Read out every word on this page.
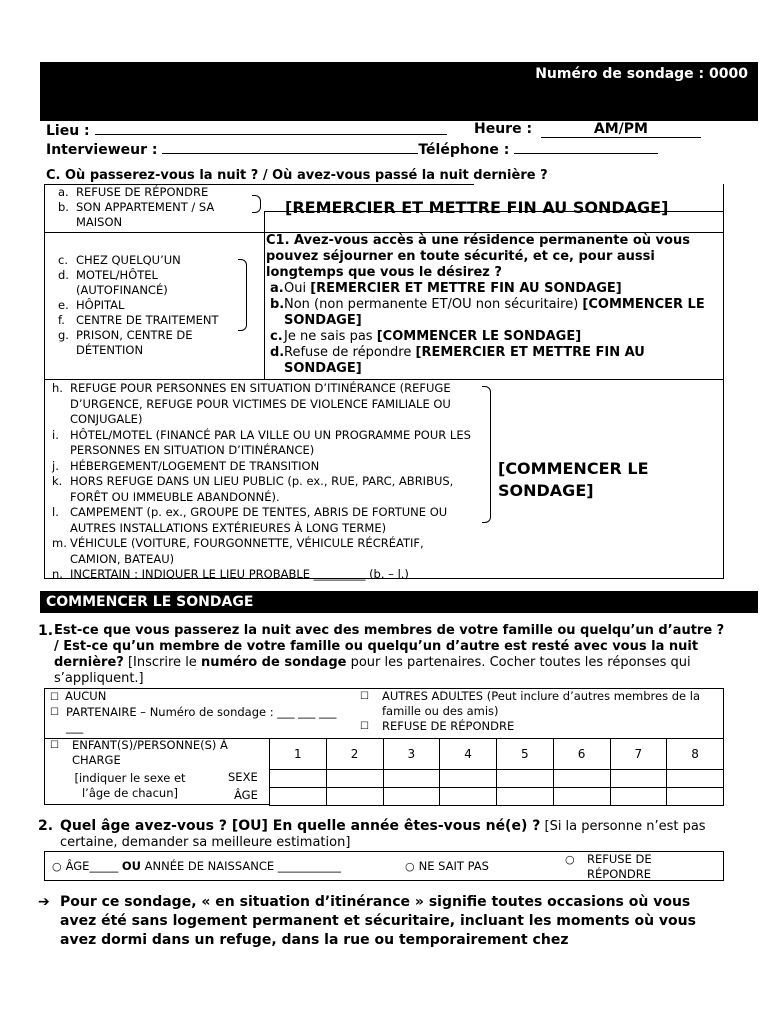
Numéro de sondage : 0000
Lieu :	Heure :	AM/PM
Intervieweur :	Téléphone :
C. Où passerez-vous la nuit ? / Où avez-vous passé la nuit dernière ?
a. REFUSE DE RÉPONDRE
b. SON APPARTEMENT / SA MAISON
[REMERCIER ET METTRE FIN AU SONDAGE]
c. CHEZ QUELQU’UN
d. MOTEL/HÔTEL (AUTOFINANCÉ)
e. HÔPITAL
f. CENTRE DE TRAITEMENT
g. PRISON, CENTRE DE DÉTENTION
C1. Avez-vous accès à une résidence permanente où vous pouvez séjourner en toute sécurité, et ce, pour aussi longtemps que vous le désirez ?
a. Oui [REMERCIER ET METTRE FIN AU SONDAGE]
b. Non (non permanente ET/OU non sécuritaire) [COMMENCER LE SONDAGE]
c. Je ne sais pas [COMMENCER LE SONDAGE]
d. Refuse de répondre [REMERCIER ET METTRE FIN AU SONDAGE]
h. REFUGE POUR PERSONNES EN SITUATION D’ITINÉRANCE (REFUGE D’URGENCE, REFUGE POUR VICTIMES DE VIOLENCE FAMILIALE OU CONJUGALE)
i. HÔTEL/MOTEL (FINANCÉ PAR LA VILLE OU UN PROGRAMME POUR LES PERSONNES EN SITUATION D’ITINÉRANCE)
j. HÉBERGEMENT/LOGEMENT DE TRANSITION
k. HORS REFUGE DANS UN LIEU PUBLIC (p. ex., RUE, PARC, ABRIBUS, FORÊT OU IMMEUBLE ABANDONNÉ).
l. CAMPEMENT (p. ex., GROUPE DE TENTES, ABRIS DE FORTUNE OU AUTRES INSTALLATIONS EXTÉRIEURES À LONG TERME)
m. VÉHICULE (VOITURE, FOURGONNETTE, VÉHICULE RÉCRÉATIF, CAMION, BATEAU)
n. INCERTAIN : INDIQUER LE LIEU PROBABLE _________ (b. – l.)
[COMMENCER LE SONDAGE]
COMMENCER LE SONDAGE
1. Est-ce que vous passerez la nuit avec des membres de votre famille ou quelqu’un d’autre ? / Est-ce qu’un membre de votre famille ou quelqu’un d’autre est resté avec vous la nuit dernière? [Inscrire le numéro de sondage pour les partenaires. Cocher toutes les réponses qui s’appliquent.]
☐ AUCUN
☐ PARTENAIRE – Numéro de sondage : ___ ___ ___ ___
☐ AUTRES ADULTES (Peut inclure d’autres membres de la famille ou des amis)
☐ REFUSE DE RÉPONDRE
☐ ENFANT(S)/PERSONNE(S) À CHARGE
[indiquer le sexe et l’âge de chacun]
SEXE
ÂGE
1	2	3	4	5	6	7	8

2. Quel âge avez-vous ? [OU] En quelle année êtes-vous né(e) ? [Si la personne n’est pas certaine, demander sa meilleure estimation]
○ ÂGE_____ OU ANNÉE DE NAISSANCE ___________	○ NE SAIT PAS	○ REFUSE DE RÉPONDRE
➔ Pour ce sondage, « en situation d’itinérance » signifie toutes occasions où vous avez été sans logement permanent et sécuritaire, incluant les moments où vous avez dormi dans un refuge, dans la rue ou temporairement chez
